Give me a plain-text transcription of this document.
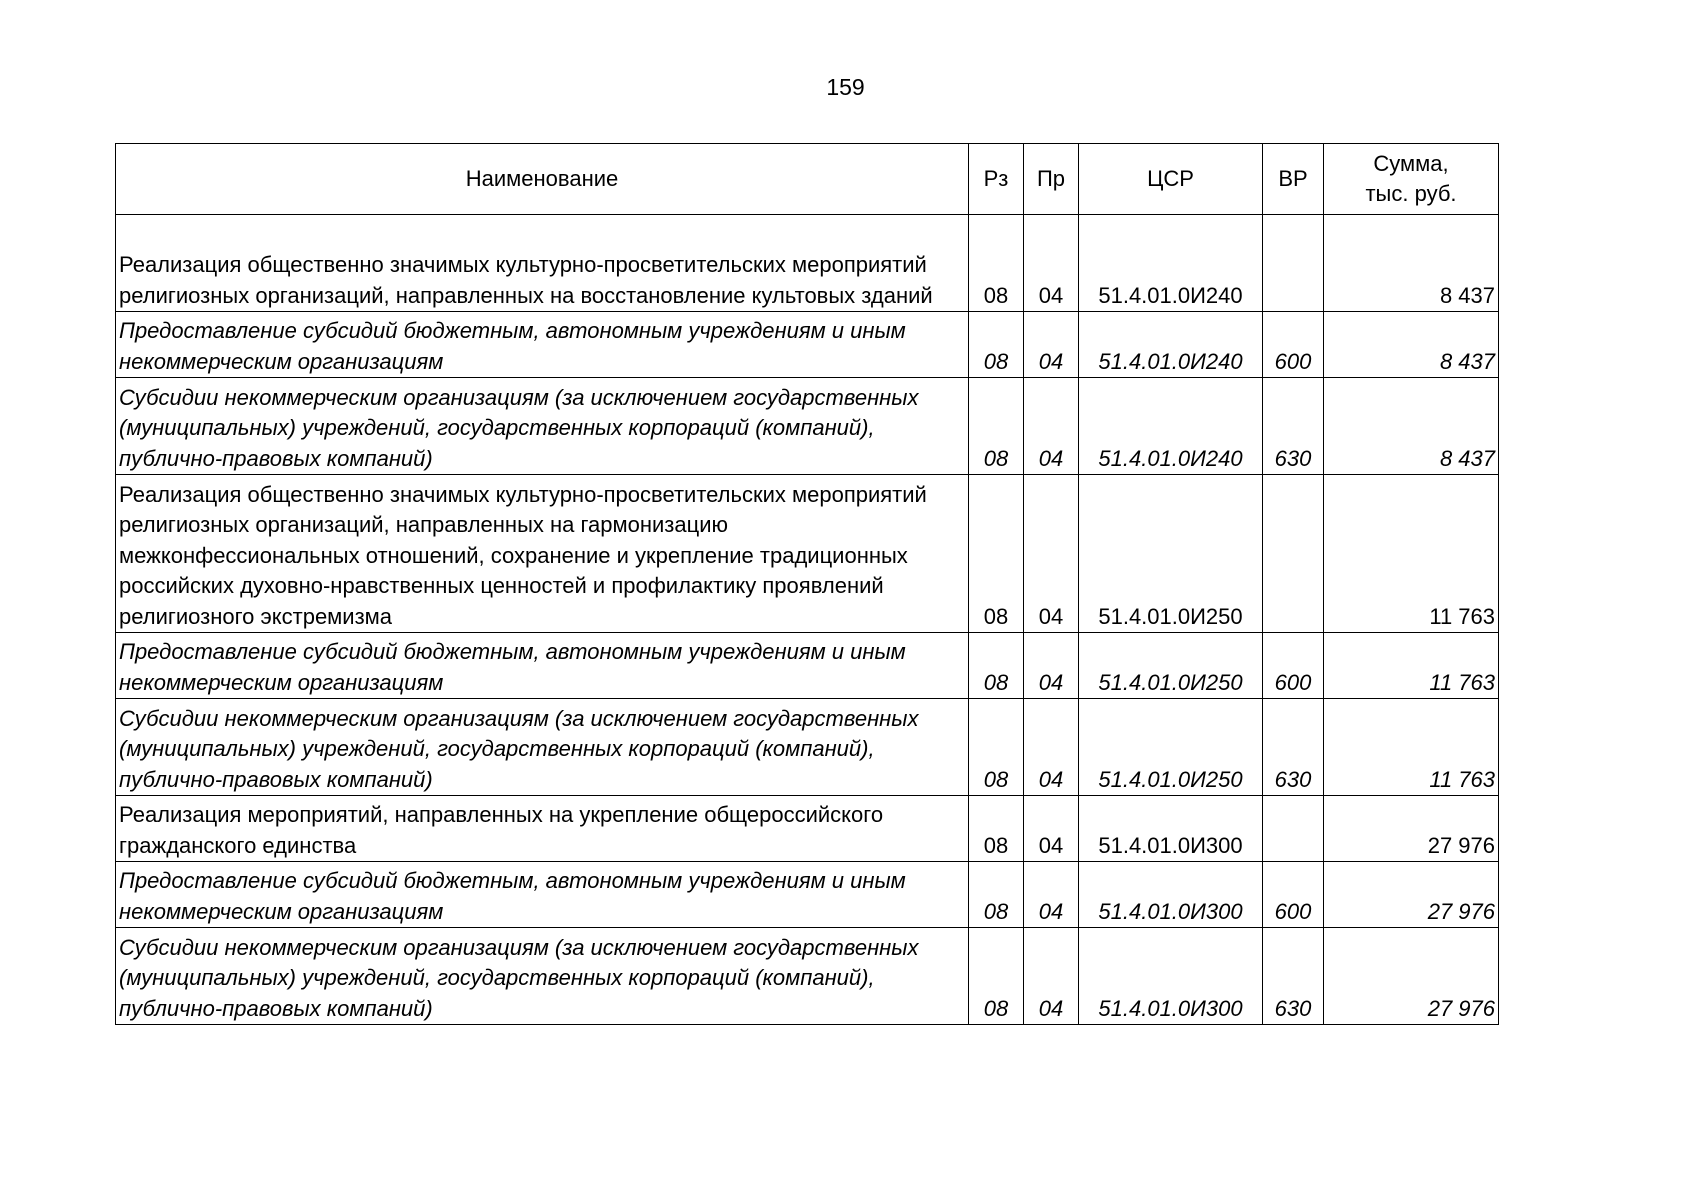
159
Наименование	Рз	Пр	ЦСР	ВР	Сумма,
тыс. руб.
Реализация общественно значимых культурно-просветительских мероприятий религиозных организаций, направленных на восстановление культовых зданий	08	04	51.4.01.0И240		8 437
Предоставление субсидий бюджетным, автономным учреждениям и иным некоммерческим организациям	08	04	51.4.01.0И240	600	8 437
Субсидии некоммерческим организациям (за исключением государственных (муниципальных) учреждений, государственных корпораций (компаний), публично-правовых компаний)	08	04	51.4.01.0И240	630	8 437
Реализация общественно значимых культурно-просветительских мероприятий религиозных организаций, направленных на гармонизацию межконфессиональных отношений, сохранение и укрепление традиционных российских духовно-нравственных ценностей и профилактику проявлений религиозного экстремизма	08	04	51.4.01.0И250		11 763
Предоставление субсидий бюджетным, автономным учреждениям и иным некоммерческим организациям	08	04	51.4.01.0И250	600	11 763
Субсидии некоммерческим организациям (за исключением государственных (муниципальных) учреждений, государственных корпораций (компаний), публично-правовых компаний)	08	04	51.4.01.0И250	630	11 763
Реализация мероприятий, направленных на укрепление общероссийского гражданского единства	08	04	51.4.01.0И300		27 976
Предоставление субсидий бюджетным, автономным учреждениям и иным некоммерческим организациям	08	04	51.4.01.0И300	600	27 976
Субсидии некоммерческим организациям (за исключением государственных (муниципальных) учреждений, государственных корпораций (компаний), публично-правовых компаний)	08	04	51.4.01.0И300	630	27 976
